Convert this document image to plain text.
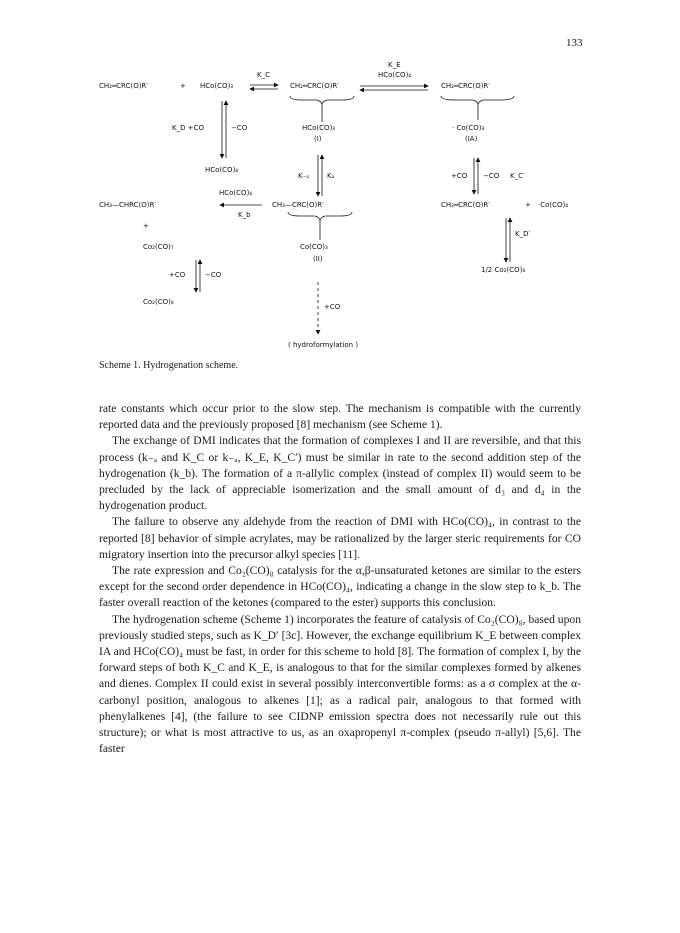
133
CH₂═CRC(O)R′	+ HCo(CO)₃
K_C
CH₂═CRC(O)R′
K_E
HCo(CO)₄
CH₂═CRC(O)R′
K_D +CO	−CO	HCo(CO)₃
(I)
· Co(CO)₃
(IA)
HCo(CO)₄
K₋ₐ	Kₐ	+CO −CO K_C′
HCo(CO)₄
CH₃—CHRC(O)R′
K_b
CH₃—CRC(O)R′	CH₂═CRC(O)R′	+ ·Co(CO)₄
K_D′
+
Co₂(CO)₇	Co(CO)₃
(II)
1/2 Co₂(CO)₈
+CO	−CO
Co₂(CO)₈
+CO
( hydroformylation )
Scheme 1. Hydrogenation scheme.

rate constants which occur prior to the slow step. The mechanism is compatible with the currently reported data and the previously proposed [8] mechanism (see Scheme 1).

The exchange of DMI indicates that the formation of complexes I and II are reversible, and that this process (k₋ₐ and K_C or k₋ₐ, K_E, K_C′) must be similar in rate to the second addition step of the hydrogenation (k_b). The formation of a π-allylic complex (instead of complex II) would seem to be precluded by the lack of appreciable isomerization and the small amount of d₃ and d₄ in the hydrogenation product.

The failure to observe any aldehyde from the reaction of DMI with HCo(CO)₄, in contrast to the reported [8] behavior of simple acrylates, may be rationalized by the larger steric requirements for CO migratory insertion into the precursor alkyl species [11].

The rate expression and Co₂(CO)₈ catalysis for the α,β-unsaturated ketones are similar to the esters except for the second order dependence in HCo(CO)₄, indicating a change in the slow step to k_b. The faster overall reaction of the ketones (compared to the ester) supports this conclusion.

The hydrogenation scheme (Scheme 1) incorporates the feature of catalysis of Co₂(CO)₈, based upon previously studied steps, such as K_D′ [3c]. However, the exchange equilibrium K_E between complex IA and HCo(CO)₄ must be fast, in order for this scheme to hold [8]. The formation of complex I, by the forward steps of both K_C and K_E, is analogous to that for the similar complexes formed by alkenes and dienes. Complex II could exist in several possibly interconvertible forms: as a σ complex at the α-carbonyl position, analogous to alkenes [1]; as a radical pair, analogous to that formed with phenylalkenes [4], (the failure to see CIDNP emission spectra does not necessarily rule out this structure); or what is most attractive to us, as an oxapropenyl π-complex (pseudo π-allyl) [5,6]. The faster
